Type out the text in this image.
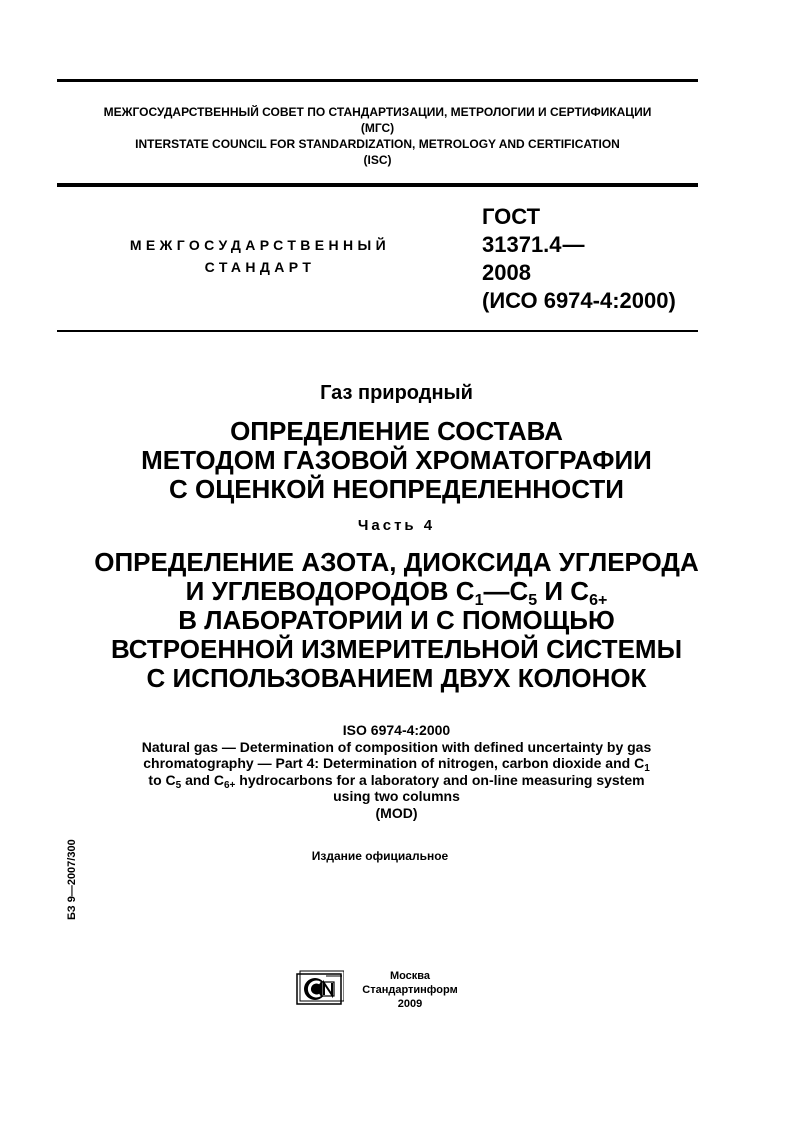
МЕЖГОСУДАРСТВЕННЫЙ СОВЕТ ПО СТАНДАРТИЗАЦИИ, МЕТРОЛОГИИ И СЕРТИФИКАЦИИ
(МГС)
INTERSTATE COUNCIL FOR STANDARDIZATION, METROLOGY AND CERTIFICATION
(ISC)
МЕЖГОСУДАРСТВЕННЫЙ
СТАНДАРТ
ГОСТ
31371.4—
2008
(ИСО 6974-4:2000)
Газ природный
ОПРЕДЕЛЕНИЕ СОСТАВА
МЕТОДОМ ГАЗОВОЙ ХРОМАТОГРАФИИ
С ОЦЕНКОЙ НЕОПРЕДЕЛЕННОСТИ
Часть 4
ОПРЕДЕЛЕНИЕ АЗОТА, ДИОКСИДА УГЛЕРОДА
И УГЛЕВОДОРОДОВ $С_1—С_5$ И $С_{6+}$
В ЛАБОРАТОРИИ И С ПОМОЩЬЮ
ВСТРОЕННОЙ ИЗМЕРИТЕЛЬНОЙ СИСТЕМЫ
С ИСПОЛЬЗОВАНИЕМ ДВУХ КОЛОНОК
ISO 6974-4:2000
Natural gas — Determination of composition with defined uncertainty by gas
chromatography — Part 4: Determination of nitrogen, carbon dioxide and $C_1$
to $C_5$ and $C_{6+}$ hydrocarbons for a laboratory and on-line measuring system
using two columns
(MOD)
Издание официальное
БЗ 9—2007/300
Москва
Стандартинформ
2009
